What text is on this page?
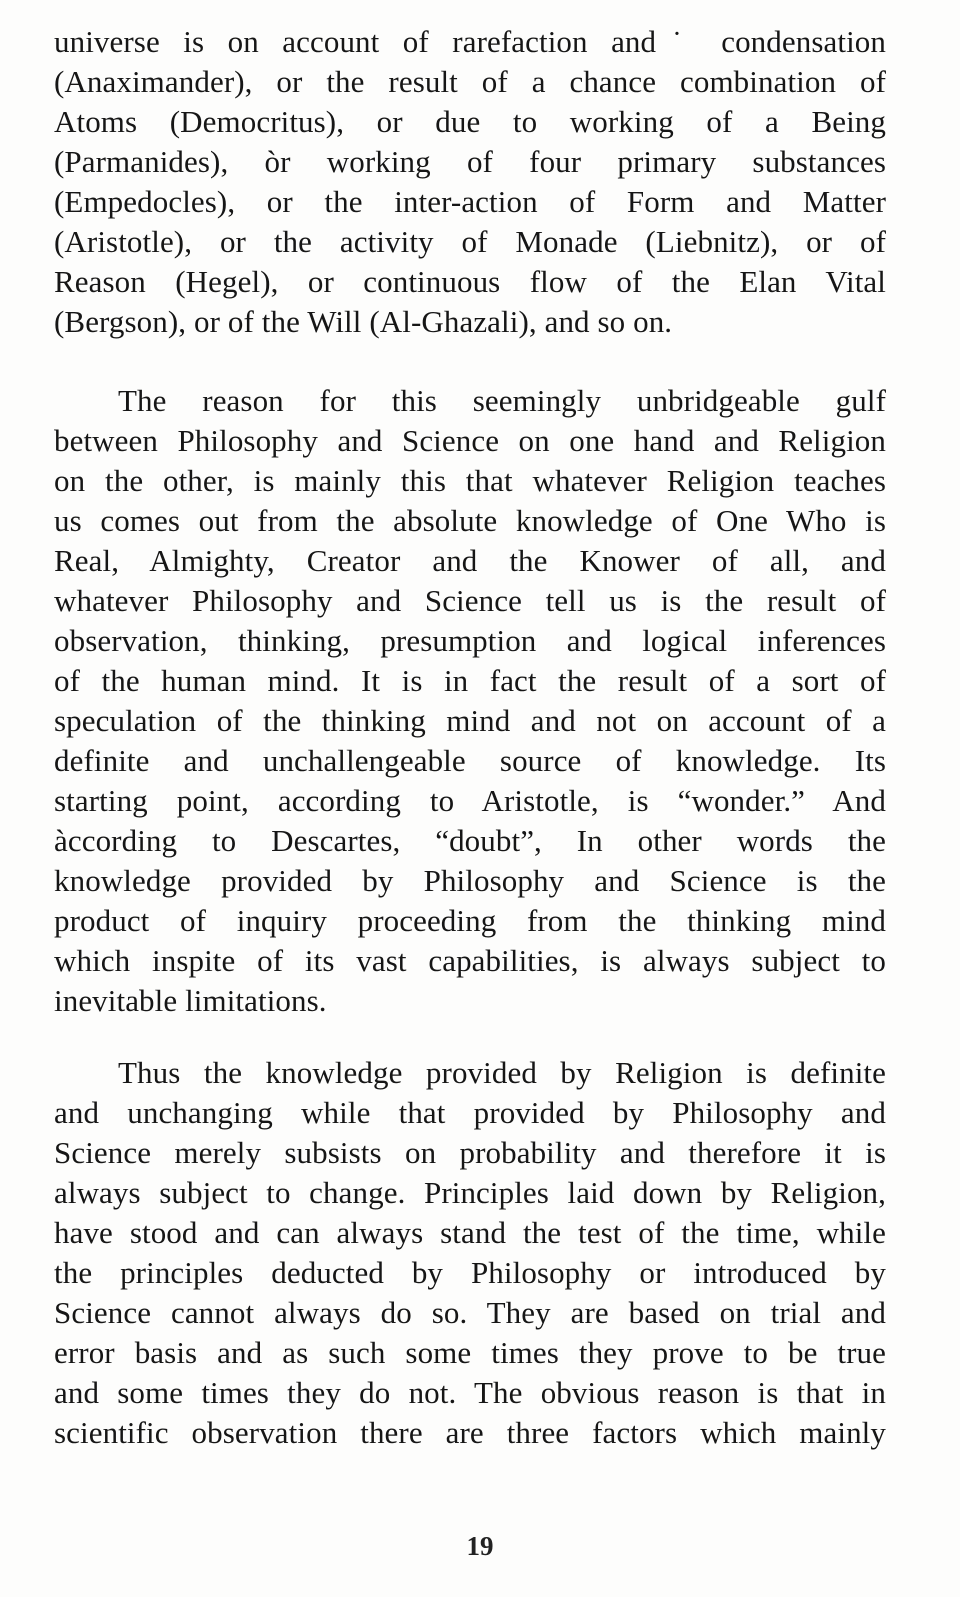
universe is on account of rarefaction and˙ condensation
(Anaximander), or the result of a chance combination of
Atoms (Democritus), or due to working of a Being
(Parmanides), òr working of four primary substances
(Empedocles), or the inter-action of Form and Matter
(Aristotle), or the activity of Monade (Liebnitz), or of
Reason (Hegel), or continuous flow of the Elan Vital
(Bergson), or of the Will (Al-Ghazali), and so on.
The reason for this seemingly unbridgeable gulf
between Philosophy and Science on one hand and Religion
on the other, is mainly this that whatever Religion teaches
us comes out from the absolute knowledge of One Who is
Real, Almighty, Creator and the Knower of all, and
whatever Philosophy and Science tell us is the result of
observation, thinking, presumption and logical inferences
of the human mind. It is in fact the result of a sort of
speculation of the thinking mind and not on account of a
definite and unchallengeable source of knowledge. Its
starting point, according to Aristotle, is “wonder.” And
àccording to Descartes, “doubt”, In other words the
knowledge provided by Philosophy and Science is the
product of inquiry proceeding from the thinking mind
which inspite of its vast capabilities, is always subject to
inevitable limitations.
Thus the knowledge provided by Religion is definite
and unchanging while that provided by Philosophy and
Science merely subsists on probability and therefore it is
always subject to change. Principles laid down by Religion,
have stood and can always stand the test of the time, while
the principles deducted by Philosophy or introduced by
Science cannot always do so. They are based on trial and
error basis and as such some times they prove to be true
and some times they do not. The obvious reason is that in
scientific observation there are three factors which mainly
19
